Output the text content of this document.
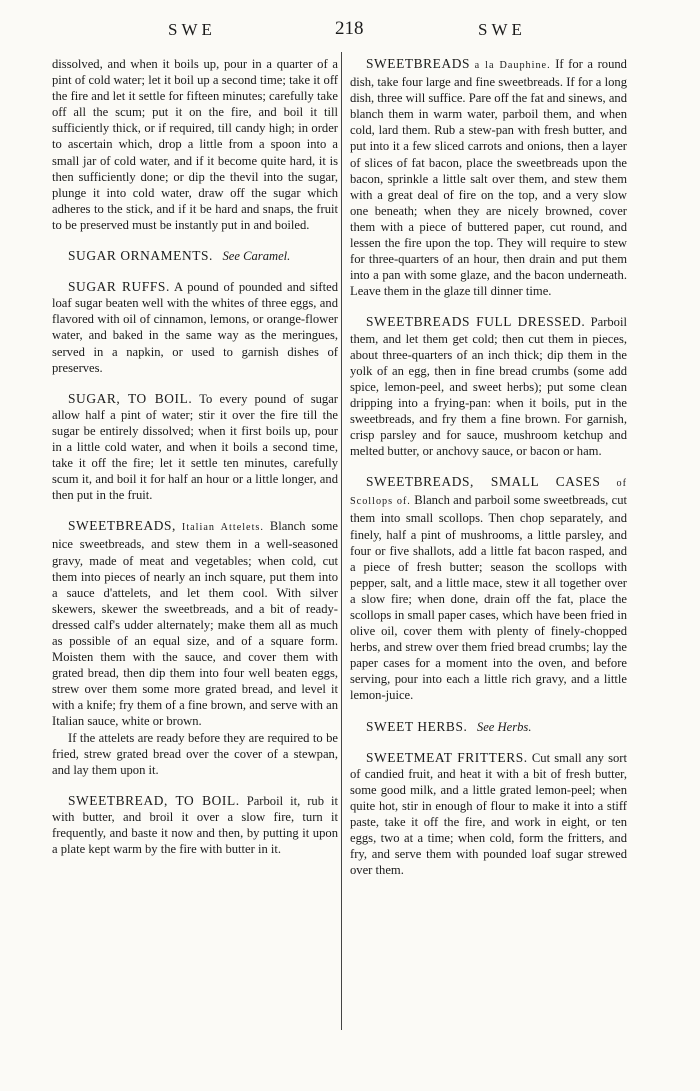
SWE	218	SWE

dissolved, and when it boils up, pour in a quarter of a pint of cold water; let it boil up a second time; take it off the fire and let it settle for fifteen minutes; carefully take off all the scum; put it on the fire, and boil it till sufficiently thick, or if required, till candy high; in order to ascertain which, drop a little from a spoon into a small jar of cold water, and if it become quite hard, it is then sufficiently done; or dip the thevil into the sugar, plunge it into cold water, draw off the sugar which adheres to the stick, and if it be hard and snaps, the fruit to be preserved must be instantly put in and boiled.

SUGAR ORNAMENTS. See Caramel.

SUGAR RUFFS. A pound of pounded and sifted loaf sugar beaten well with the whites of three eggs, and flavored with oil of cinnamon, lemons, or orange-flower water, and baked in the same way as the meringues, served in a napkin, or used to garnish dishes of preserves.

SUGAR, TO BOIL. To every pound of sugar allow half a pint of water; stir it over the fire till the sugar be entirely dissolved; when it first boils up, pour in a little cold water, and when it boils a second time, take it off the fire; let it settle ten minutes, carefully scum it, and boil it for half an hour or a little longer, and then put in the fruit.

SWEETBREADS, Italian Attelets. Blanch some nice sweetbreads, and stew them in a well-seasoned gravy, made of meat and vegetables; when cold, cut them into pieces of nearly an inch square, put them into a sauce d'attelets, and let them cool. With silver skewers, skewer the sweetbreads, and a bit of ready-dressed calf's udder alternately; make them all as much as possible of an equal size, and of a square form. Moisten them with the sauce, and cover them with grated bread, then dip them into four well beaten eggs, strew over them some more grated bread, and level it with a knife; fry them of a fine brown, and serve with an Italian sauce, white or brown.

If the attelets are ready before they are required to be fried, strew grated bread over the cover of a stewpan, and lay them upon it.

SWEETBREAD, TO BOIL. Parboil it, rub it with butter, and broil it over a slow fire, turn it frequently, and baste it now and then, by putting it upon a plate kept warm by the fire with butter in it.

SWEETBREADS a la Dauphine. If for a round dish, take four large and fine sweetbreads. If for a long dish, three will suffice. Pare off the fat and sinews, and blanch them in warm water, parboil them, and when cold, lard them. Rub a stew-pan with fresh butter, and put into it a few sliced carrots and onions, then a layer of slices of fat bacon, place the sweetbreads upon the bacon, sprinkle a little salt over them, and stew them with a great deal of fire on the top, and a very slow one beneath; when they are nicely browned, cover them with a piece of buttered paper, cut round, and lessen the fire upon the top. They will require to stew for three-quarters of an hour, then drain and put them into a pan with some glaze, and the bacon underneath. Leave them in the glaze till dinner time.

SWEETBREADS FULL DRESSED. Parboil them, and let them get cold; then cut them in pieces, about three-quarters of an inch thick; dip them in the yolk of an egg, then in fine bread crumbs (some add spice, lemon-peel, and sweet herbs); put some clean dripping into a frying-pan: when it boils, put in the sweetbreads, and fry them a fine brown. For garnish, crisp parsley and for sauce, mushroom ketchup and melted butter, or anchovy sauce, or bacon or ham.

SWEETBREADS, SMALL CASES of Scollops of. Blanch and parboil some sweetbreads, cut them into small scollops. Then chop separately, and finely, half a pint of mushrooms, a little parsley, and four or five shallots, add a little fat bacon rasped, and a piece of fresh butter; season the scollops with pepper, salt, and a little mace, stew it all together over a slow fire; when done, drain off the fat, place the scollops in small paper cases, which have been fried in olive oil, cover them with plenty of finely-chopped herbs, and strew over them fried bread crumbs; lay the paper cases for a moment into the oven, and before serving, pour into each a little rich gravy, and a little lemon-juice.

SWEET HERBS. See Herbs.

SWEETMEAT FRITTERS. Cut small any sort of candied fruit, and heat it with a bit of fresh butter, some good milk, and a little grated lemon-peel; when quite hot, stir in enough of flour to make it into a stiff paste, take it off the fire, and work in eight, or ten eggs, two at a time; when cold, form the fritters, and fry, and serve them with pounded loaf sugar strewed over them.
